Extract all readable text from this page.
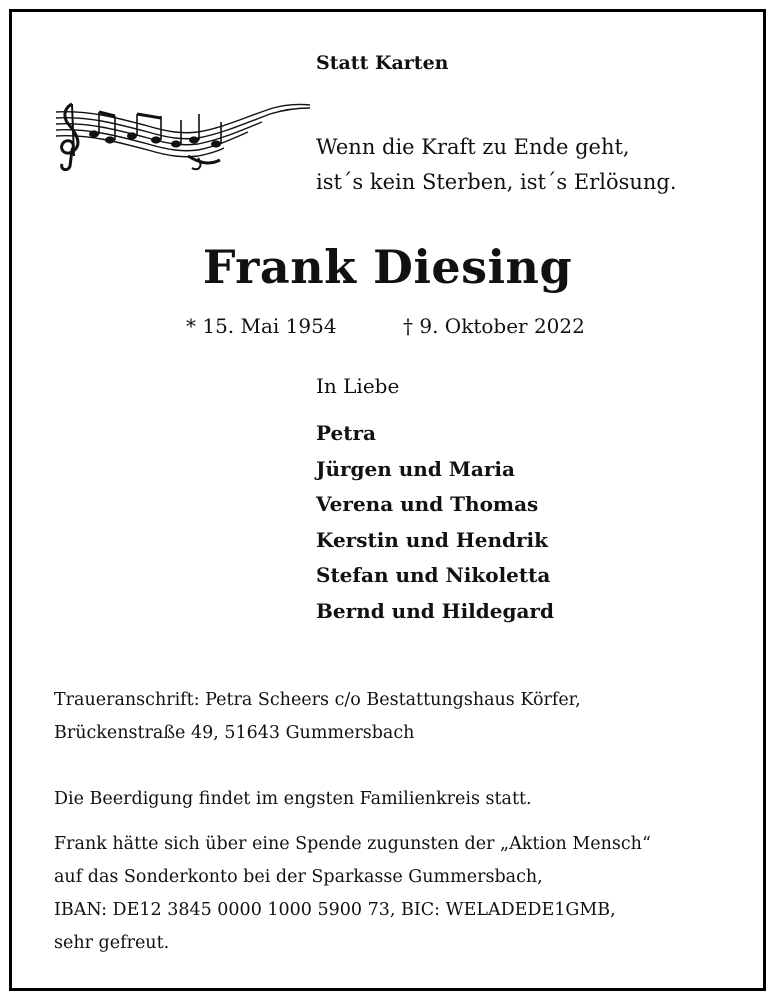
Statt Karten
Wenn die Kraft zu Ende geht,
ist´s kein Sterben, ist´s Erlösung.
Frank Diesing
* 15. Mai 1954	† 9. Oktober 2022
In Liebe
Petra
Jürgen und Maria
Verena und Thomas
Kerstin und Hendrik
Stefan und Nikoletta
Bernd und Hildegard
Traueranschrift: Petra Scheers c/o Bestattungshaus Körfer,
Brückenstraße 49, 51643 Gummersbach
Die Beerdigung findet im engsten Familienkreis statt.
Frank hätte sich über eine Spende zugunsten der „Aktion Mensch“
auf das Sonderkonto bei der Sparkasse Gummersbach,
IBAN: DE12 3845 0000 1000 5900 73, BIC: WELADEDE1GMB,
sehr gefreut.
